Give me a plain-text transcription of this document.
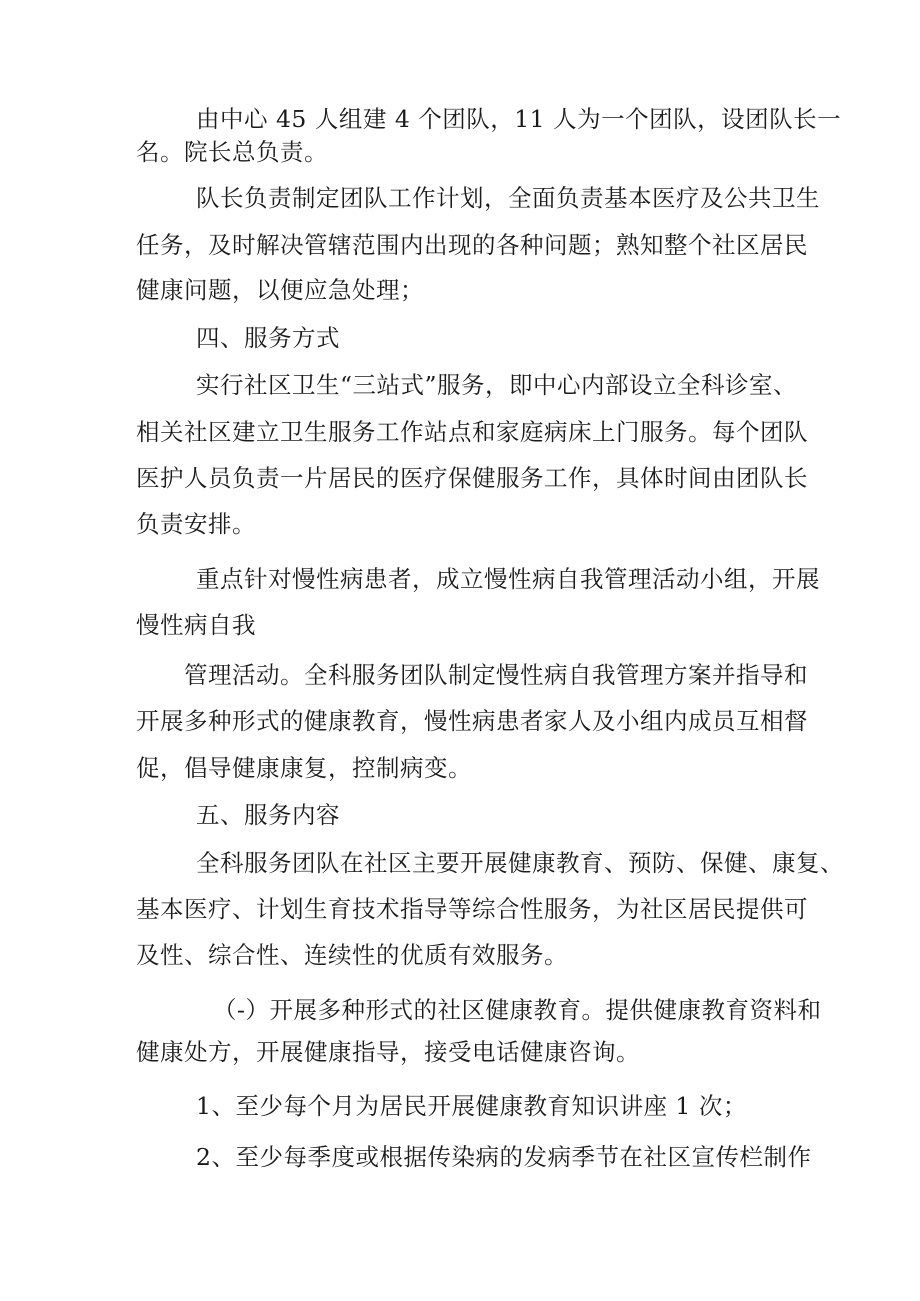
由中心 45 人组建 4 个团队，11 人为一个团队，设团队长一
名。院长总负责。
队长负责制定团队工作计划，全面负责基本医疗及公共卫生
任务，及时解决管辖范围内出现的各种问题；熟知整个社区居民
健康问题，以便应急处理；
四、服务方式
实行社区卫生“三站式”服务，即中心内部设立全科诊室、
相关社区建立卫生服务工作站点和家庭病床上门服务。每个团队
医护人员负责一片居民的医疗保健服务工作，具体时间由团队长
负责安排。
重点针对慢性病患者，成立慢性病自我管理活动小组，开展
慢性病自我
管理活动。全科服务团队制定慢性病自我管理方案并指导和
开展多种形式的健康教育，慢性病患者家人及小组内成员互相督
促，倡导健康康复，控制病变。
五、服务内容
全科服务团队在社区主要开展健康教育、预防、保健、康复、
基本医疗、计划生育技术指导等综合性服务，为社区居民提供可
及性、综合性、连续性的优质有效服务。
（-）开展多种形式的社区健康教育。提供健康教育资料和
健康处方，开展健康指导，接受电话健康咨询。
1、至少每个月为居民开展健康教育知识讲座 1 次；
2、至少每季度或根据传染病的发病季节在社区宣传栏制作
